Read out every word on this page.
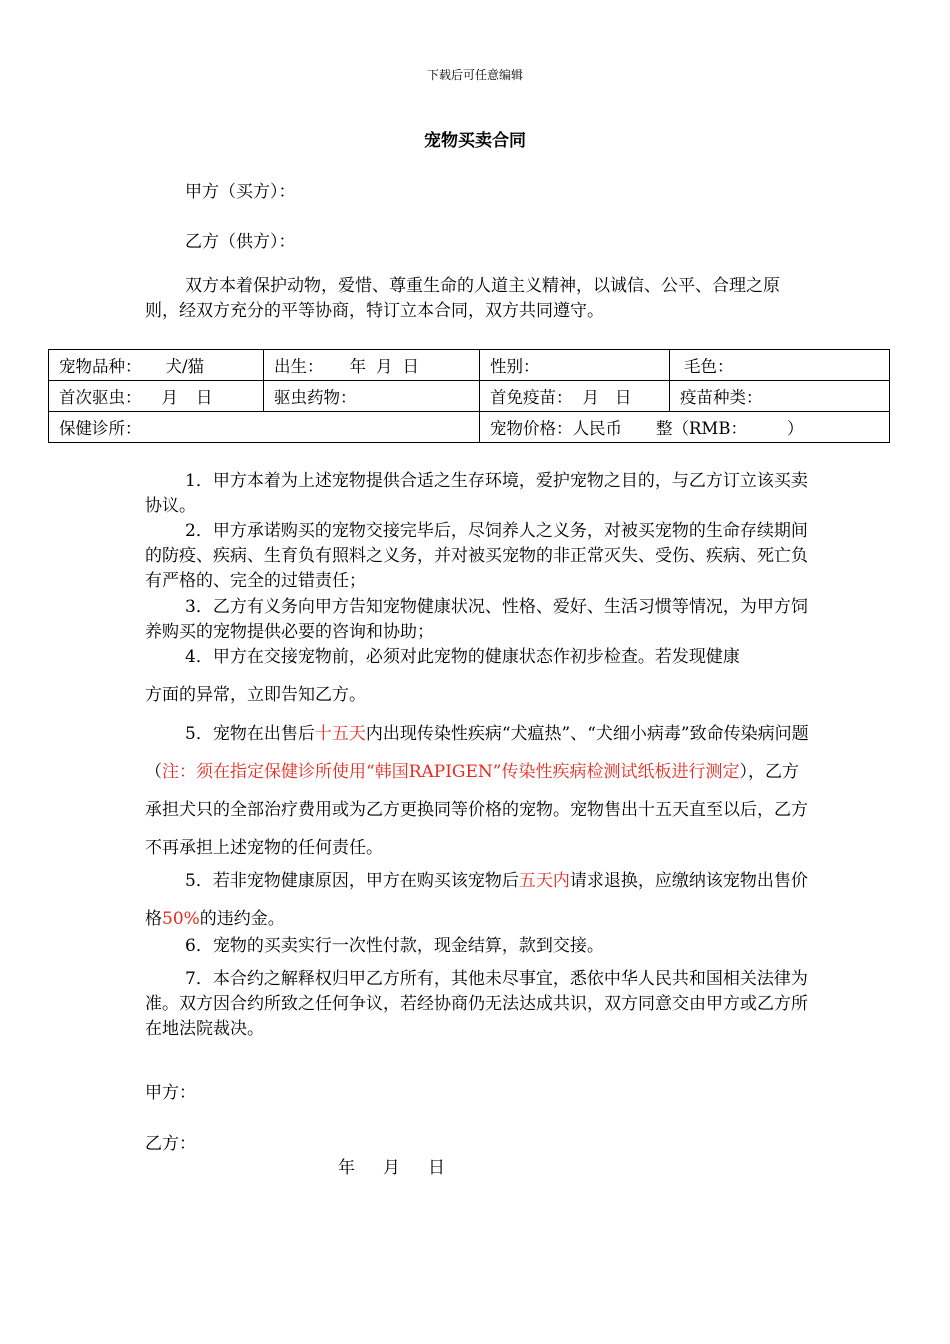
下载后可任意编辑
宠物买卖合同
甲方（买方）：
乙方（供方）：
双方本着保护动物，爱惜、尊重生命的人道主义精神，以诚信、公平、合理之原则，经双方充分的平等协商，特订立本合同，双方共同遵守。
宠物品种： 犬/猫	出生： 年 月 日	性别：	毛色：
首次驱虫： 月 日	驱虫药物：	首免疫苗： 月 日	疫苗种类：
保健诊所：		宠物价格：人民币 整（RMB： ）	
1．甲方本着为上述宠物提供合适之生存环境，爱护宠物之目的，与乙方订立该买卖协议。
2．甲方承诺购买的宠物交接完毕后，尽饲养人之义务，对被买宠物的生命存续期间的防疫、疾病、生育负有照料之义务，并对被买宠物的非正常灭失、受伤、疾病、死亡负有严格的、完全的过错责任；
3．乙方有义务向甲方告知宠物健康状况、性格、爱好、生活习惯等情况，为甲方饲养购买的宠物提供必要的咨询和协助；
4．甲方在交接宠物前，必须对此宠物的健康状态作初步检查。若发现健康
方面的异常，立即告知乙方。
5．宠物在出售后十五天内出现传染性疾病“犬瘟热”、“犬细小病毒”致命传染病问题（注：须在指定保健诊所使用“韩国RAPIGEN”传染性疾病检测试纸板进行测定），乙方承担犬只的全部治疗费用或为乙方更换同等价格的宠物。宠物售出十五天直至以后，乙方不再承担上述宠物的任何责任。
5．若非宠物健康原因，甲方在购买该宠物后五天内请求退换，应缴纳该宠物出售价格50%的违约金。
6．宠物的买卖实行一次性付款，现金结算，款到交接。
7．本合约之解释权归甲乙方所有，其他未尽事宜，悉依中华人民共和国相关法律为准。双方因合约所致之任何争议，若经协商仍无法达成共识，双方同意交由甲方或乙方所在地法院裁决。
甲方：
乙方：
年 月 日
